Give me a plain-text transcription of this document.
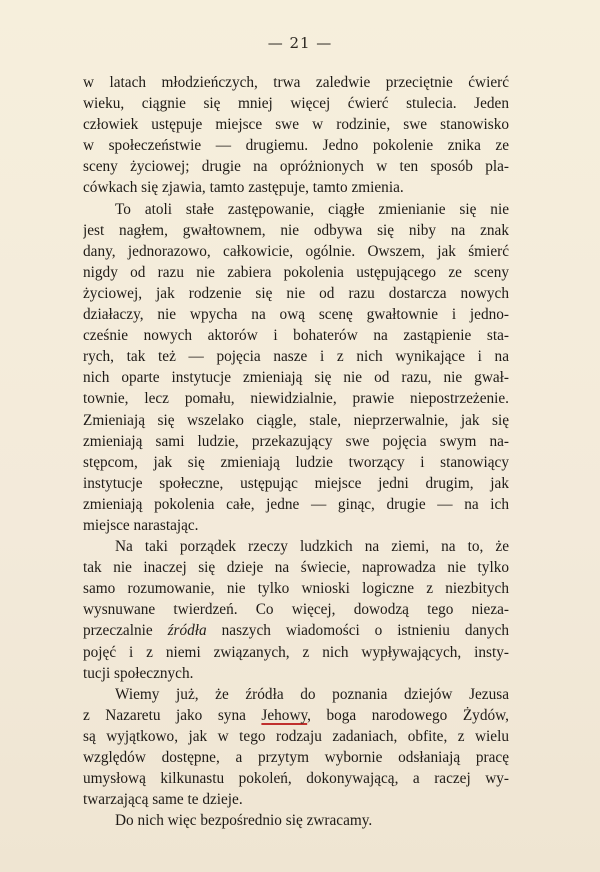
— 21 —
w latach młodzieńczych, trwa zaledwie przeciętnie ćwierć
wieku, ciągnie się mniej więcej ćwierć stulecia. Jeden
człowiek ustępuje miejsce swe w rodzinie, swe stanowisko
w społeczeństwie — drugiemu. Jedno pokolenie znika ze
sceny życiowej; drugie na opróżnionych w ten sposób pla-
cówkach się zjawia, tamto zastępuje, tamto zmienia.
To atoli stałe zastępowanie, ciągłe zmienianie się nie
jest nagłem, gwałtownem, nie odbywa się niby na znak
dany, jednorazowo, całkowicie, ogólnie. Owszem, jak śmierć
nigdy od razu nie zabiera pokolenia ustępującego ze sceny
życiowej, jak rodzenie się nie od razu dostarcza nowych
działaczy, nie wpycha na ową scenę gwałtownie i jedno-
cześnie nowych aktorów i bohaterów na zastąpienie sta-
rych, tak też — pojęcia nasze i z nich wynikające i na
nich oparte instytucje zmieniają się nie od razu, nie gwał-
townie, lecz pomału, niewidzialnie, prawie niepostrzeżenie.
Zmieniają się wszelako ciągle, stale, nieprzerwalnie, jak się
zmieniają sami ludzie, przekazujący swe pojęcia swym na-
stępcom, jak się zmieniają ludzie tworzący i stanowiący
instytucje społeczne, ustępując miejsce jedni drugim, jak
zmieniają pokolenia całe, jedne — ginąc, drugie — na ich
miejsce narastając.
Na taki porządek rzeczy ludzkich na ziemi, na to, że
tak nie inaczej się dzieje na świecie, naprowadza nie tylko
samo rozumowanie, nie tylko wnioski logiczne z niezbitych
wysnuwane twierdzeń. Co więcej, dowodzą tego nieza-
przeczalnie źródła naszych wiadomości o istnieniu danych
pojęć i z niemi związanych, z nich wypływających, insty-
tucji społecznych.
Wiemy już, że źródła do poznania dziejów Jezusa
z Nazaretu jako syna Jehowy, boga narodowego Żydów,
są wyjątkowo, jak w tego rodzaju zadaniach, obfite, z wielu
względów dostępne, a przytym wybornie odsłaniają pracę
umysłową kilkunastu pokoleń, dokonywającą, a raczej wy-
twarzającą same te dzieje.
Do nich więc bezpośrednio się zwracamy.
